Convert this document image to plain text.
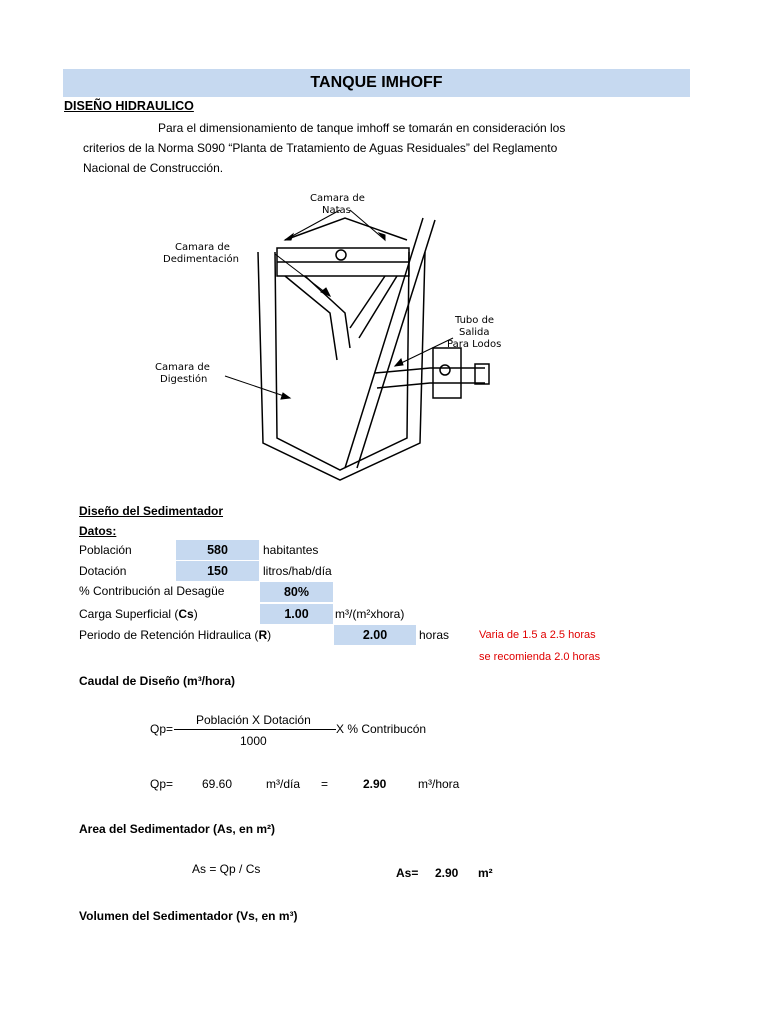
TANQUE IMHOFF
DISEÑO HIDRAULICO
Para el dimensionamiento de tanque imhoff se tomarán en consideración los
criterios de la Norma S090 “Planta de Tratamiento de Aguas Residuales” del Reglamento
Nacional de Construcción.
Camara de
Natas
Camara de
Dedimentación
Tubo de
Salida
Para Lodos
Camara de
Digestión
Diseño del Sedimentador
Datos:
Población	580	habitantes
Dotación	150	litros/hab/día
% Contribución al Desagüe	80%
Carga Superficial (Cs)	1.00	m³/(m²xhora)
Periodo de Retención Hidraulica (R)	2.00	horas	Varia de 1.5 a 2.5 horas
se recomienda 2.0 horas
Caudal de Diseño (m³/hora)
Qp=
Población X Dotación
1000
X % Contribucón
Qp= 69.60	m³/día =	2.90	m³/hora
Area del Sedimentador (As, en m²)
As = Qp / Cs	As= 2.90 m²
Volumen del Sedimentador (Vs, en m³)
